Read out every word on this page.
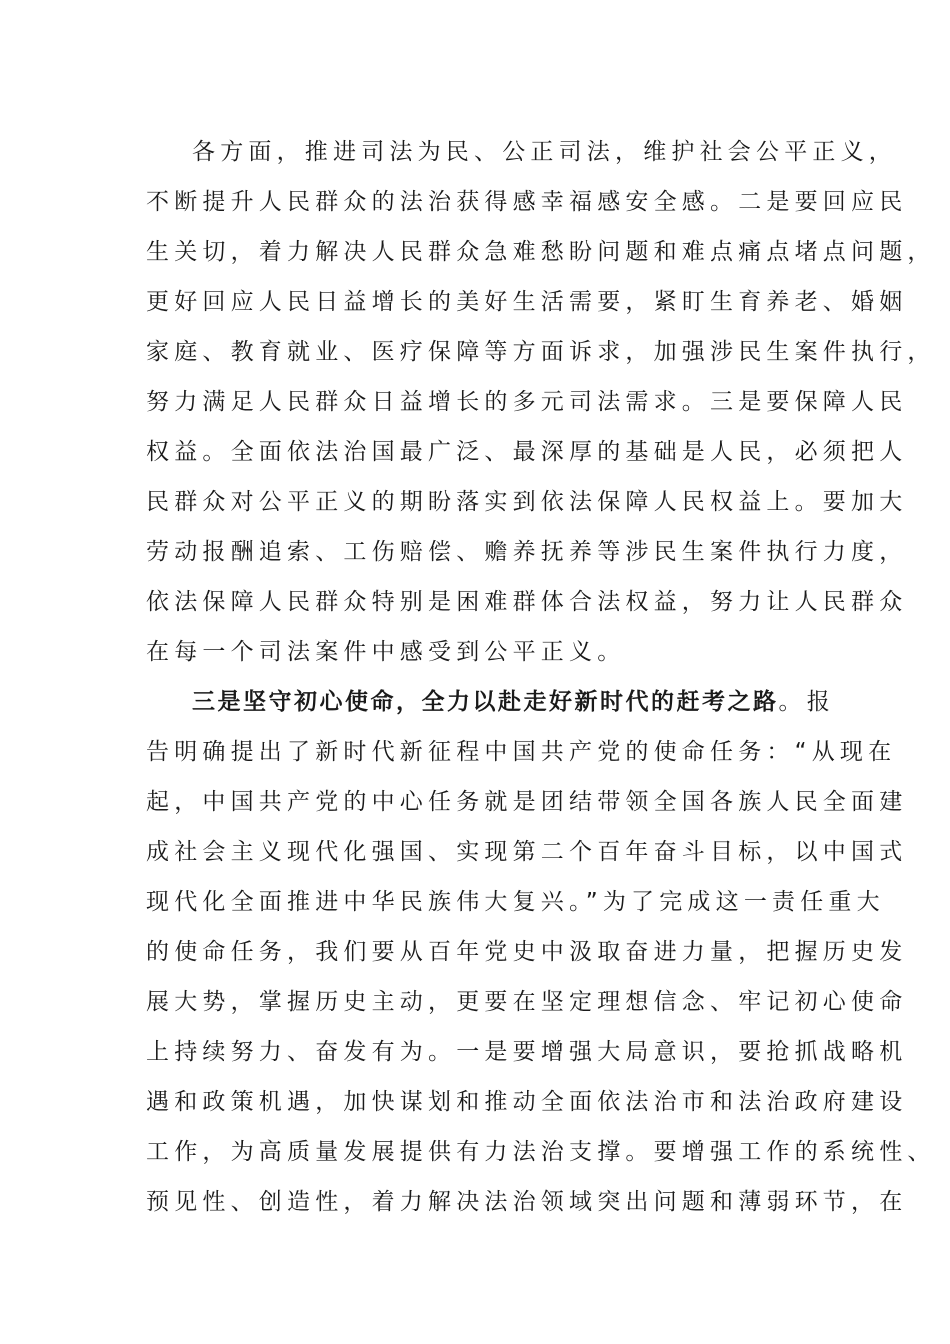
各方面，推进司法为民、公正司法，维护社会公平正义，
不断提升人民群众的法治获得感幸福感安全感。二是要回应民
生关切，着力解决人民群众急难愁盼问题和难点痛点堵点问题，
更好回应人民日益增长的美好生活需要，紧盯生育养老、婚姻
家庭、教育就业、医疗保障等方面诉求，加强涉民生案件执行，
努力满足人民群众日益增长的多元司法需求。三是要保障人民
权益。全面依法治国最广泛、最深厚的基础是人民，必须把人
民群众对公平正义的期盼落实到依法保障人民权益上。要加大
劳动报酬追索、工伤赔偿、赡养抚养等涉民生案件执行力度，
依法保障人民群众特别是困难群体合法权益，努力让人民群众
在每一个司法案件中感受到公平正义。
三是坚守初心使命，全力以赴走好新时代的赶考之路。报
告明确提出了新时代新征程中国共产党的使命任务：“从现在
起，中国共产党的中心任务就是团结带领全国各族人民全面建
成社会主义现代化强国、实现第二个百年奋斗目标，以中国式
现代化全面推进中华民族伟大复兴。”为了完成这一责任重大
的使命任务，我们要从百年党史中汲取奋进力量，把握历史发
展大势，掌握历史主动，更要在坚定理想信念、牢记初心使命
上持续努力、奋发有为。一是要增强大局意识，要抢抓战略机
遇和政策机遇，加快谋划和推动全面依法治市和法治政府建设
工作，为高质量发展提供有力法治支撑。要增强工作的系统性、
预见性、创造性，着力解决法治领域突出问题和薄弱环节，在
